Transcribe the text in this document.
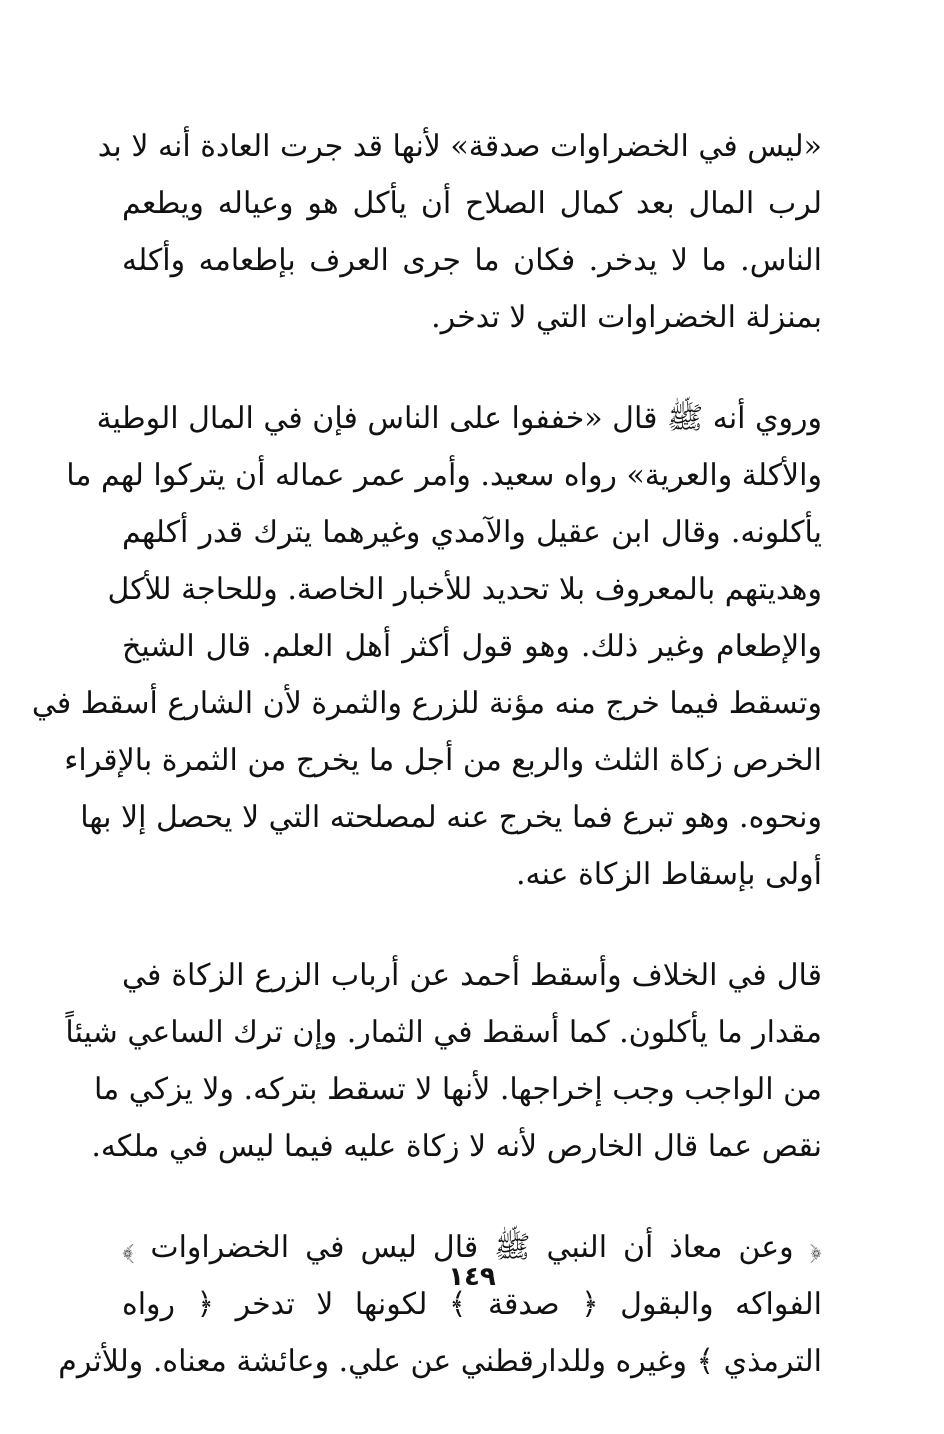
«ليس في الخضراوات صدقة» لأنها قد جرت العادة أنه لا بد
لرب المال بعد كمال الصلاح أن يأكل هو وعياله ويطعم
الناس. ما لا يدخر. فكان ما جرى العرف بإطعامه وأكله
بمنزلة الخضراوات التي لا تدخر.
وروي أنه ﷺ قال «خففوا على الناس فإن في المال الوطية
والأكلة والعرية» رواه سعيد. وأمر عمر عماله أن يتركوا لهم ما
يأكلونه. وقال ابن عقيل والآمدي وغيرهما يترك قدر أكلهم
وهديتهم بالمعروف بلا تحديد للأخبار الخاصة. وللحاجة للأكل
والإطعام وغير ذلك. وهو قول أكثر أهل العلم. قال الشيخ
وتسقط فيما خرج منه مؤنة للزرع والثمرة لأن الشارع أسقط في
الخرص زكاة الثلث والربع من أجل ما يخرج من الثمرة بالإقراء
ونحوه. وهو تبرع فما يخرج عنه لمصلحته التي لا يحصل إلا بها
أولى بإسقاط الزكاة عنه.
قال في الخلاف وأسقط أحمد عن أرباب الزرع الزكاة في
مقدار ما يأكلون. كما أسقط في الثمار. وإن ترك الساعي شيئاً
من الواجب وجب إخراجها. لأنها لا تسقط بتركه. ولا يزكي ما
نقص عما قال الخارص لأنه لا زكاة عليه فيما ليس في ملكه.
﴿ وعن معاذ أن النبي ﷺ قال ليس في الخضراوات ﴾
الفواكه والبقول ﴿ صدقة ﴾ لكونها لا تدخر ﴿ رواه
الترمذي ﴾ وغيره وللدارقطني عن علي. وعائشة معناه. وللأثرم
١٤٩
